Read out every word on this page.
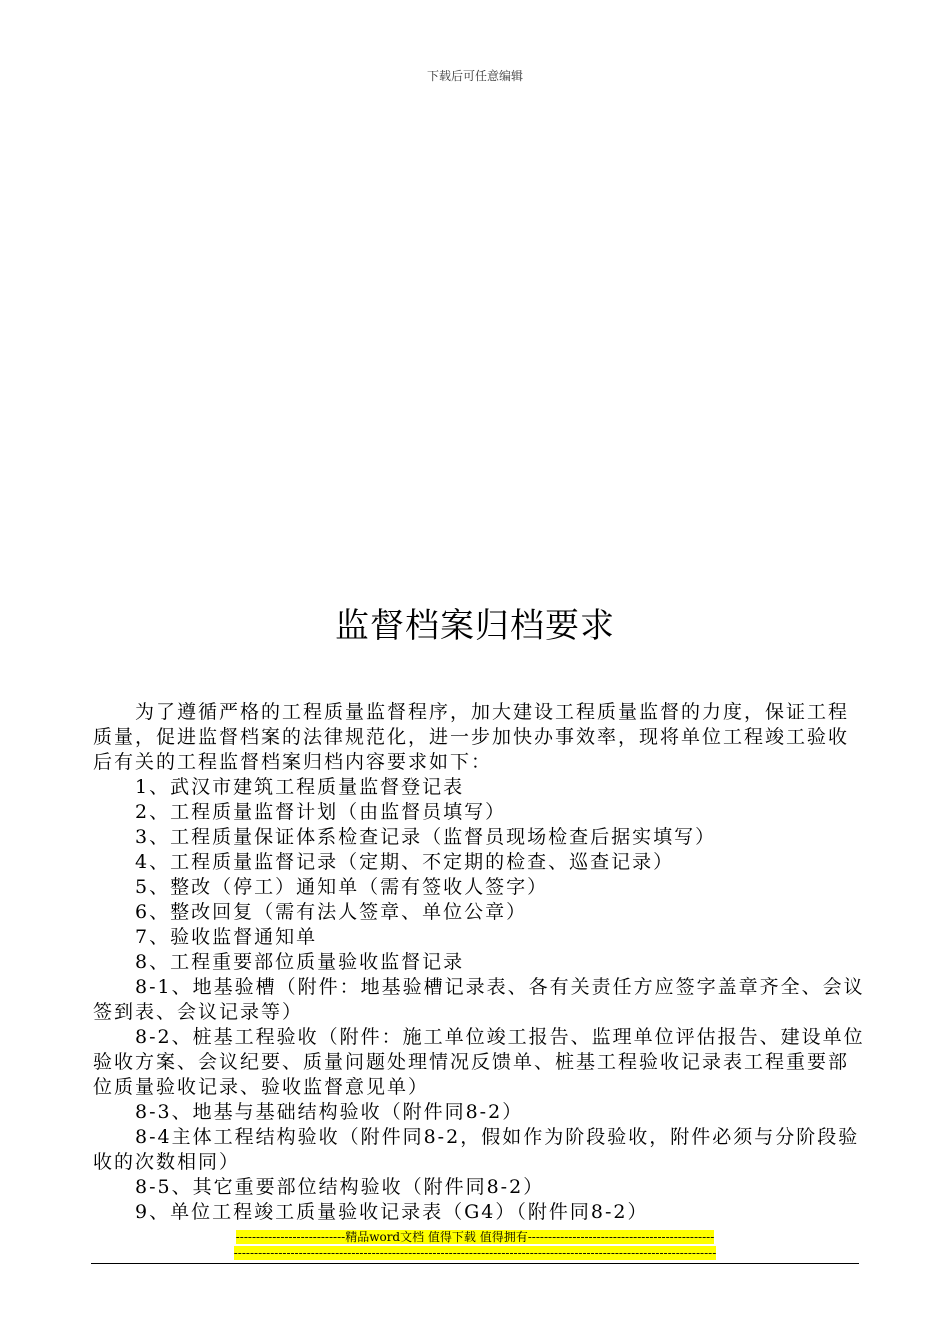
下载后可任意编辑
监督档案归档要求

为了遵循严格的工程质量监督程序，加大建设工程质量监督的力度，保证工程质量，促进监督档案的法律规范化，进一步加快办事效率，现将单位工程竣工验收后有关的工程监督档案归档内容要求如下：

1、武汉市建筑工程质量监督登记表

2、工程质量监督计划（由监督员填写）

3、工程质量保证体系检查记录（监督员现场检查后据实填写）

4、工程质量监督记录（定期、不定期的检查、巡查记录）

5、整改（停工）通知单（需有签收人签字）

6、整改回复（需有法人签章、单位公章）

7、验收监督通知单

8、工程重要部位质量验收监督记录

8-1、地基验槽（附件：地基验槽记录表、各有关责任方应签字盖章齐全、会议签到表、会议记录等）

8-2、桩基工程验收（附件：施工单位竣工报告、监理单位评估报告、建设单位验收方案、会议纪要、质量问题处理情况反馈单、桩基工程验收记录表工程重要部位质量验收记录、验收监督意见单）

8-3、地基与基础结构验收（附件同8-2）

8-4主体工程结构验收（附件同8-2，假如作为阶段验收，附件必须与分阶段验收的次数相同）

8-5、其它重要部位结构验收（附件同8-2）

9、单位工程竣工质量验收记录表（G4）（附件同8-2）

---------------------------精品word文档 值得下载 值得拥有----------------------------------------------
-----------------------------------------------------------------------------------------------------------------------
